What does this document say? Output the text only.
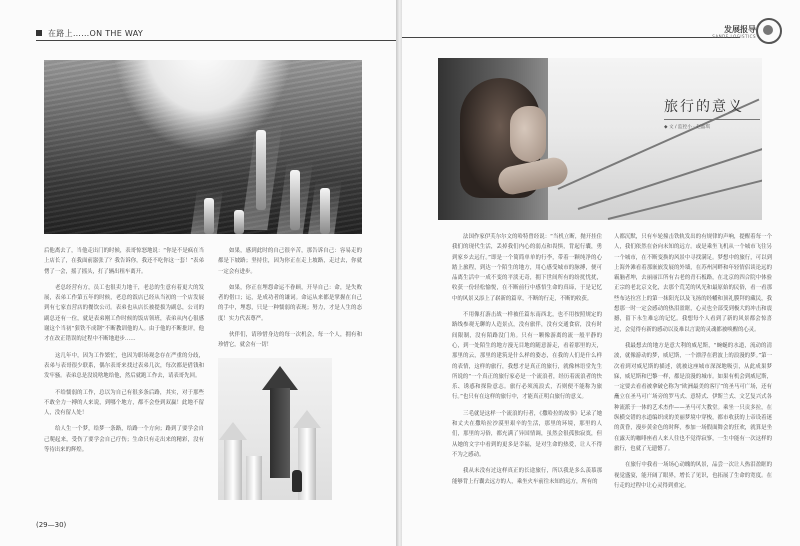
在路上……ON THE WAY

后他离去了，当他走出门的时候，表哥惊怒地说：“你是不是疯在当上店长了，在我面前嚣张了？我告诉你，我还不吃你这一套！”表弟愣了一会，摇了摇头，打了辆出租车离开。

老总经营有方，员工也很卖力地干，老总的生意有着更大的发展，表弟工作第五年的时候，老总的饭店已经从当初的一个店发展到有七家直营店的餐饮公司。表弟也从店长被提拔为副总，公司的副总还有一位，就是表弟刚工作时候的饭店领班，表弟从内心很感谢这个当初“狠铁不成钢”不断教训他的人。由于他的不断批评，他才在改正错误的过程中不断地进步……

这几年中，因为工作繁忙，也因为职场观念存在严重的分歧，表弟与表哥很少联系，偶尔表哥来找过表弟几次，每次都是借钱和发牢骚。表弟总是没说啥地给他，然后就跑工作去，请表哥先回。

不给懦弱的工作，总以为自己有很多条后路，其实，对于那些不敢全力一搏的人来说，到哪个地方，都不会登到双赢！此地不留人，没有留人处！

给人生一个梦，给梦一条路，给路一个方向；路到了要学会自己爬起来，受伤了要学会自己疗伤；生命只有走出来的精彩，没有等待出来的辉煌。

如果，感到此时的自己很辛苦，那告诉自己：容易走的都是下坡路；坚持住，因为你正在走上坡路，走过去，你就一定会有进步。

如果，你正在埋怨命运不眷顾，开导自己：命，是失败者的借口；运，是成功者的谦词。命运从来都是掌握在自己的手中，埋怨，只是一种懦弱的表现；努力，才是人生的态度！实力代表尊严。

伙伴们，请珍惜身边的每一次机会，每一个人，拥有和珍惜它，就会有一切！

(29—30)
发展报导
SANDE LOGISTICS
旅行的意义
◆ 文 / 监控小 · 赵晶琪

法国作家伊芙尔尔文的哈特曾经说：“当机立断，抛开挂住我们的现代生活，丢掉我们内心的弱点和畏惧，背起行囊，勇到家乡去远行。”即是一个简简单单的行李，带着一颗纯净的心踏上旅程，到达一个陌生的地方，用心感受城市的脉搏，便可品离生活中一成不变的平淡无奇，拥下世间所有的纷扰忧扰，收获一份轻松愉悦，在不断前行中感悟生命的真谛，于是记忆中的风景又添上了崭新的篇章，不断的行走，不断的收获。

不用像打游击战一样被任篇东南西北，也不用按照规定的路线参观无聊的人造景点，没有旅伴，没有交通食宿，没有时间限制，没有陌路没门角。只有一颗像游离的流一般平静的心，到一处陌生的地方漫无目地的随意游走，看着那里的天，那里的云，那里的建筑是什么样的姿态，在我的人们是什么样的表情，这样的旅行，我想才是真正的旅行，就像林语堂先生所说的“一个真正的旅行家必是一个流浪者，经历着流浪者的快乐、诱惑和探险意志。旅行必须流浪式，否则便不能称为旅行。”也只有在这样的旅行中，才能真正明白旅行的意义。

三毛就是这样一个流浪的行者，《撒哈拉的故事》记录了她和丈夫在撒哈拉沙漠里艰辛的生活，那里的环境，那里的人们，那里的习俗，都充满了异国情调，虽然会很孤独寂寞，但从她的文字中看到的更多是幸福，是对生命的热爱，让人不得不为之感动。

我从未没有过这样真正的长途旅行，所以我是多么羡慕那能够背上行囊去远方的人，乘坐火车前往未知的远方，所有的

人都沉默，只有车轮撞击铁轨发出的有规律的声响，提醒着每一个人，我们依然在奋向未知的远方。或是乘坐飞机从一个城市飞往另一个城市，在不断变换的风景中寻找满足。梦想中的旅行，可以到上海外滩看着那嵌嵌发展的外墙，在苏州河畔和年轻情侣谈论远的霸脑者坤，去丽丽江所有古老的青石板路，在北京的四合院中体验正宗的老北京文化，去那个荒芜的风光和最原始的民俗，看一看那些布达拉宫上的第一抹阳光以及飞扬的经幡和顶礼膜拜的藏民，我想那一时一定会感动的热泪盈眶，心灵也全部受到极大的冲击和震撼，留下永生难忘的记忆。我想每个人看到了新的风景都会惊喜过，会觉得有新的感动以及难以言说的灵魂都被唤醒的心灵。

我最想去的地方是意大利的威尼斯，“蜿蜒的水道，流动的清波，就像游动的梦，威尼斯，一个漂浮在碧波上的浪漫的梦。”第一次看到对威尼斯的描述，就被这座城市深深地吸引，从此成果梦寐，威尼斯和巴黎一样，都是浪漫的城市。如果有机会到威尼斯，一定要去看看被拿破仑称为“欧洲最美的客厅”的圣马可广场，还有矗立在圣马可广场旁的罗马式、意特式、伊斯兰式、文艺复兴式各种流派于一体的艺术杰作——圣马可大教堂。乘坐一只贡多拉，在纵横交错的水道编织成的美丽梦境中穿梭，都市收获的上帝设着迷的黄昏，漫步黄金色的时辉，参加一场假面舞会的狂欢，就算是坐在露天的咖啡座看人来人往也不觉得寂寥，一生中能有一次这样的旅行，也就了无遗憾了。

在旅行中我看一场场心动魄的风景，品尝一次让人热泪盈眶的视觉盛宴，能开阔了眼界，增长了见识，也拓展了生命的宽度。在行走的过程中让心灵得到重定。
